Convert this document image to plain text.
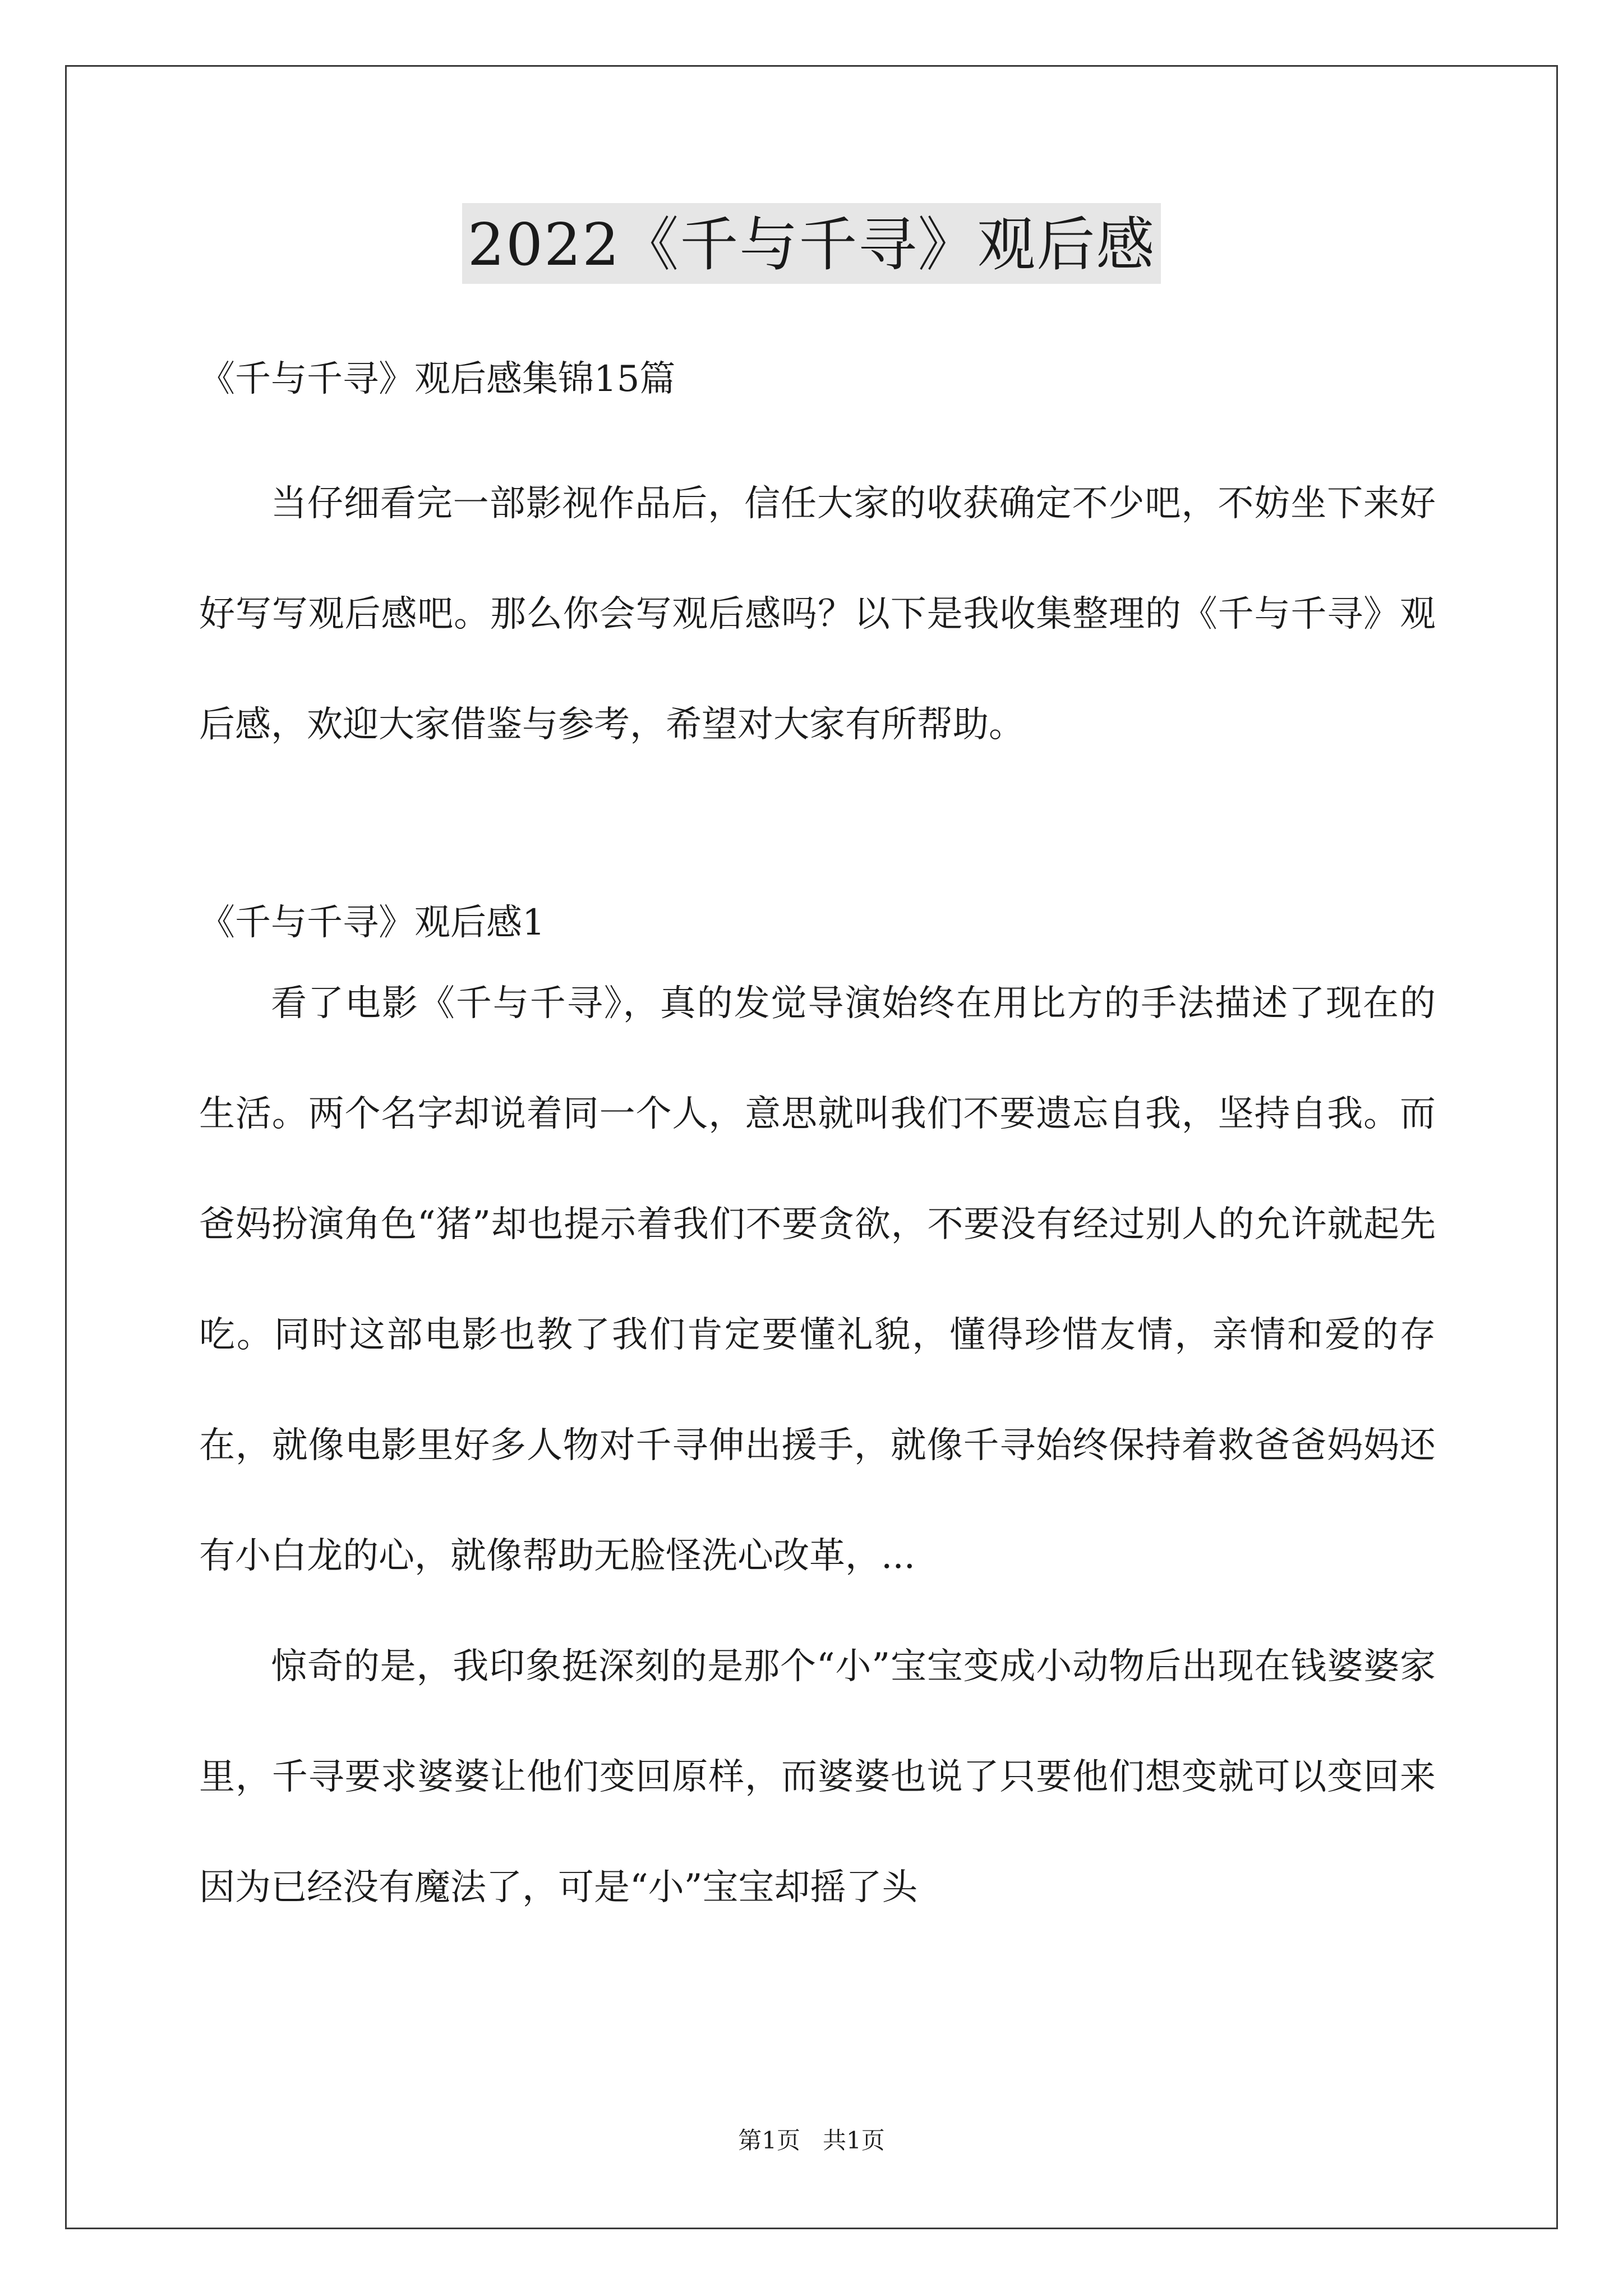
2022《千与千寻》观后感

《千与千寻》观后感集锦15篇

当仔细看完一部影视作品后，信任大家的收获确定不少吧，不妨坐下来好好写写观后感吧。那么你会写观后感吗？以下是我收集整理的《千与千寻》观后感，欢迎大家借鉴与参考，希望对大家有所帮助。

《千与千寻》观后感1

看了电影《千与千寻》，真的发觉导演始终在用比方的手法描述了现在的生活。两个名字却说着同一个人，意思就叫我们不要遗忘自我，坚持自我。而爸妈扮演角色“猪”却也提示着我们不要贪欲，不要没有经过别人的允许就起先吃。同时这部电影也教了我们肯定要懂礼貌，懂得珍惜友情，亲情和爱的存在，就像电影里好多人物对千寻伸出援手，就像千寻始终保持着救爸爸妈妈还有小白龙的心，就像帮助无脸怪洗心改革，...

惊奇的是，我印象挺深刻的是那个“小”宝宝变成小动物后出现在钱婆婆家里，千寻要求婆婆让他们变回原样，而婆婆也说了只要他们想变就可以变回来因为已经没有魔法了，可是“小”宝宝却摇了头

第1页   共1页
